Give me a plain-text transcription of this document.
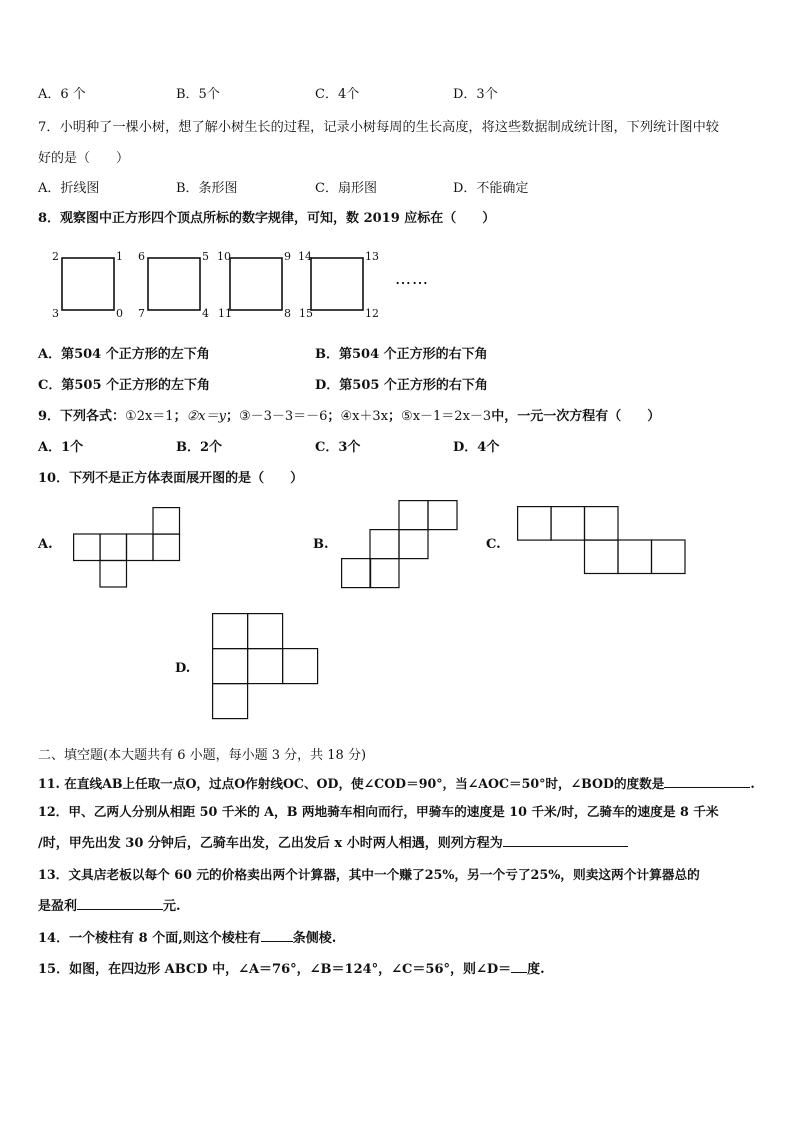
A．6 个	B．5个	C．4个	D．3个
7．小明种了一棵小树，想了解小树生长的过程，记录小树每周的生长高度，将这些数据制成统计图，下列统计图中较
好的是（　　）
A．折线图	B．条形图	C．扇形图	D．不能确定
8．观察图中正方形四个顶点所标的数字规律，可知，数 2019 应标在（　　）
2	1
3	0
6	5
7	4
10	9
11	8
14	13
15	12
……
A．第504 个正方形的左下角	B．第504 个正方形的右下角
C．第505 个正方形的左下角	D．第505 个正方形的右下角
9．下列各式：①2x＝1；②x＝y；③－3－3＝－6；④x＋3x；⑤x－1＝2x－3中，一元一次方程有（　　）
A．1个	B．2个	C．3个	D．4个
10．下列不是正方体表面展开图的是（　　）
A.	B.	C.
D.
二、填空题(本大题共有 6 小题，每小题 3 分，共 18 分)
11. 在直线AB上任取一点O，过点O作射线OC、OD，使∠COD＝90°，当∠AOC＝50°时，∠BOD的度数是	.
12．甲、乙两人分别从相距 50 千米的 A，B 两地骑车相向而行，甲骑车的速度是 10 千米/时，乙骑车的速度是 8 千米
/时，甲先出发 30 分钟后，乙骑车出发，乙出发后 x 小时两人相遇，则列方程为
13．文具店老板以每个 60 元的价格卖出两个计算器，其中一个赚了25%，另一个亏了25%，则卖这两个计算器总的
是盈利	元.
14．一个棱柱有 8 个面,则这个棱柱有 条侧棱.
15．如图，在四边形 ABCD 中，∠A＝76°，∠B＝124°，∠C＝56°，则∠D＝ 度.
